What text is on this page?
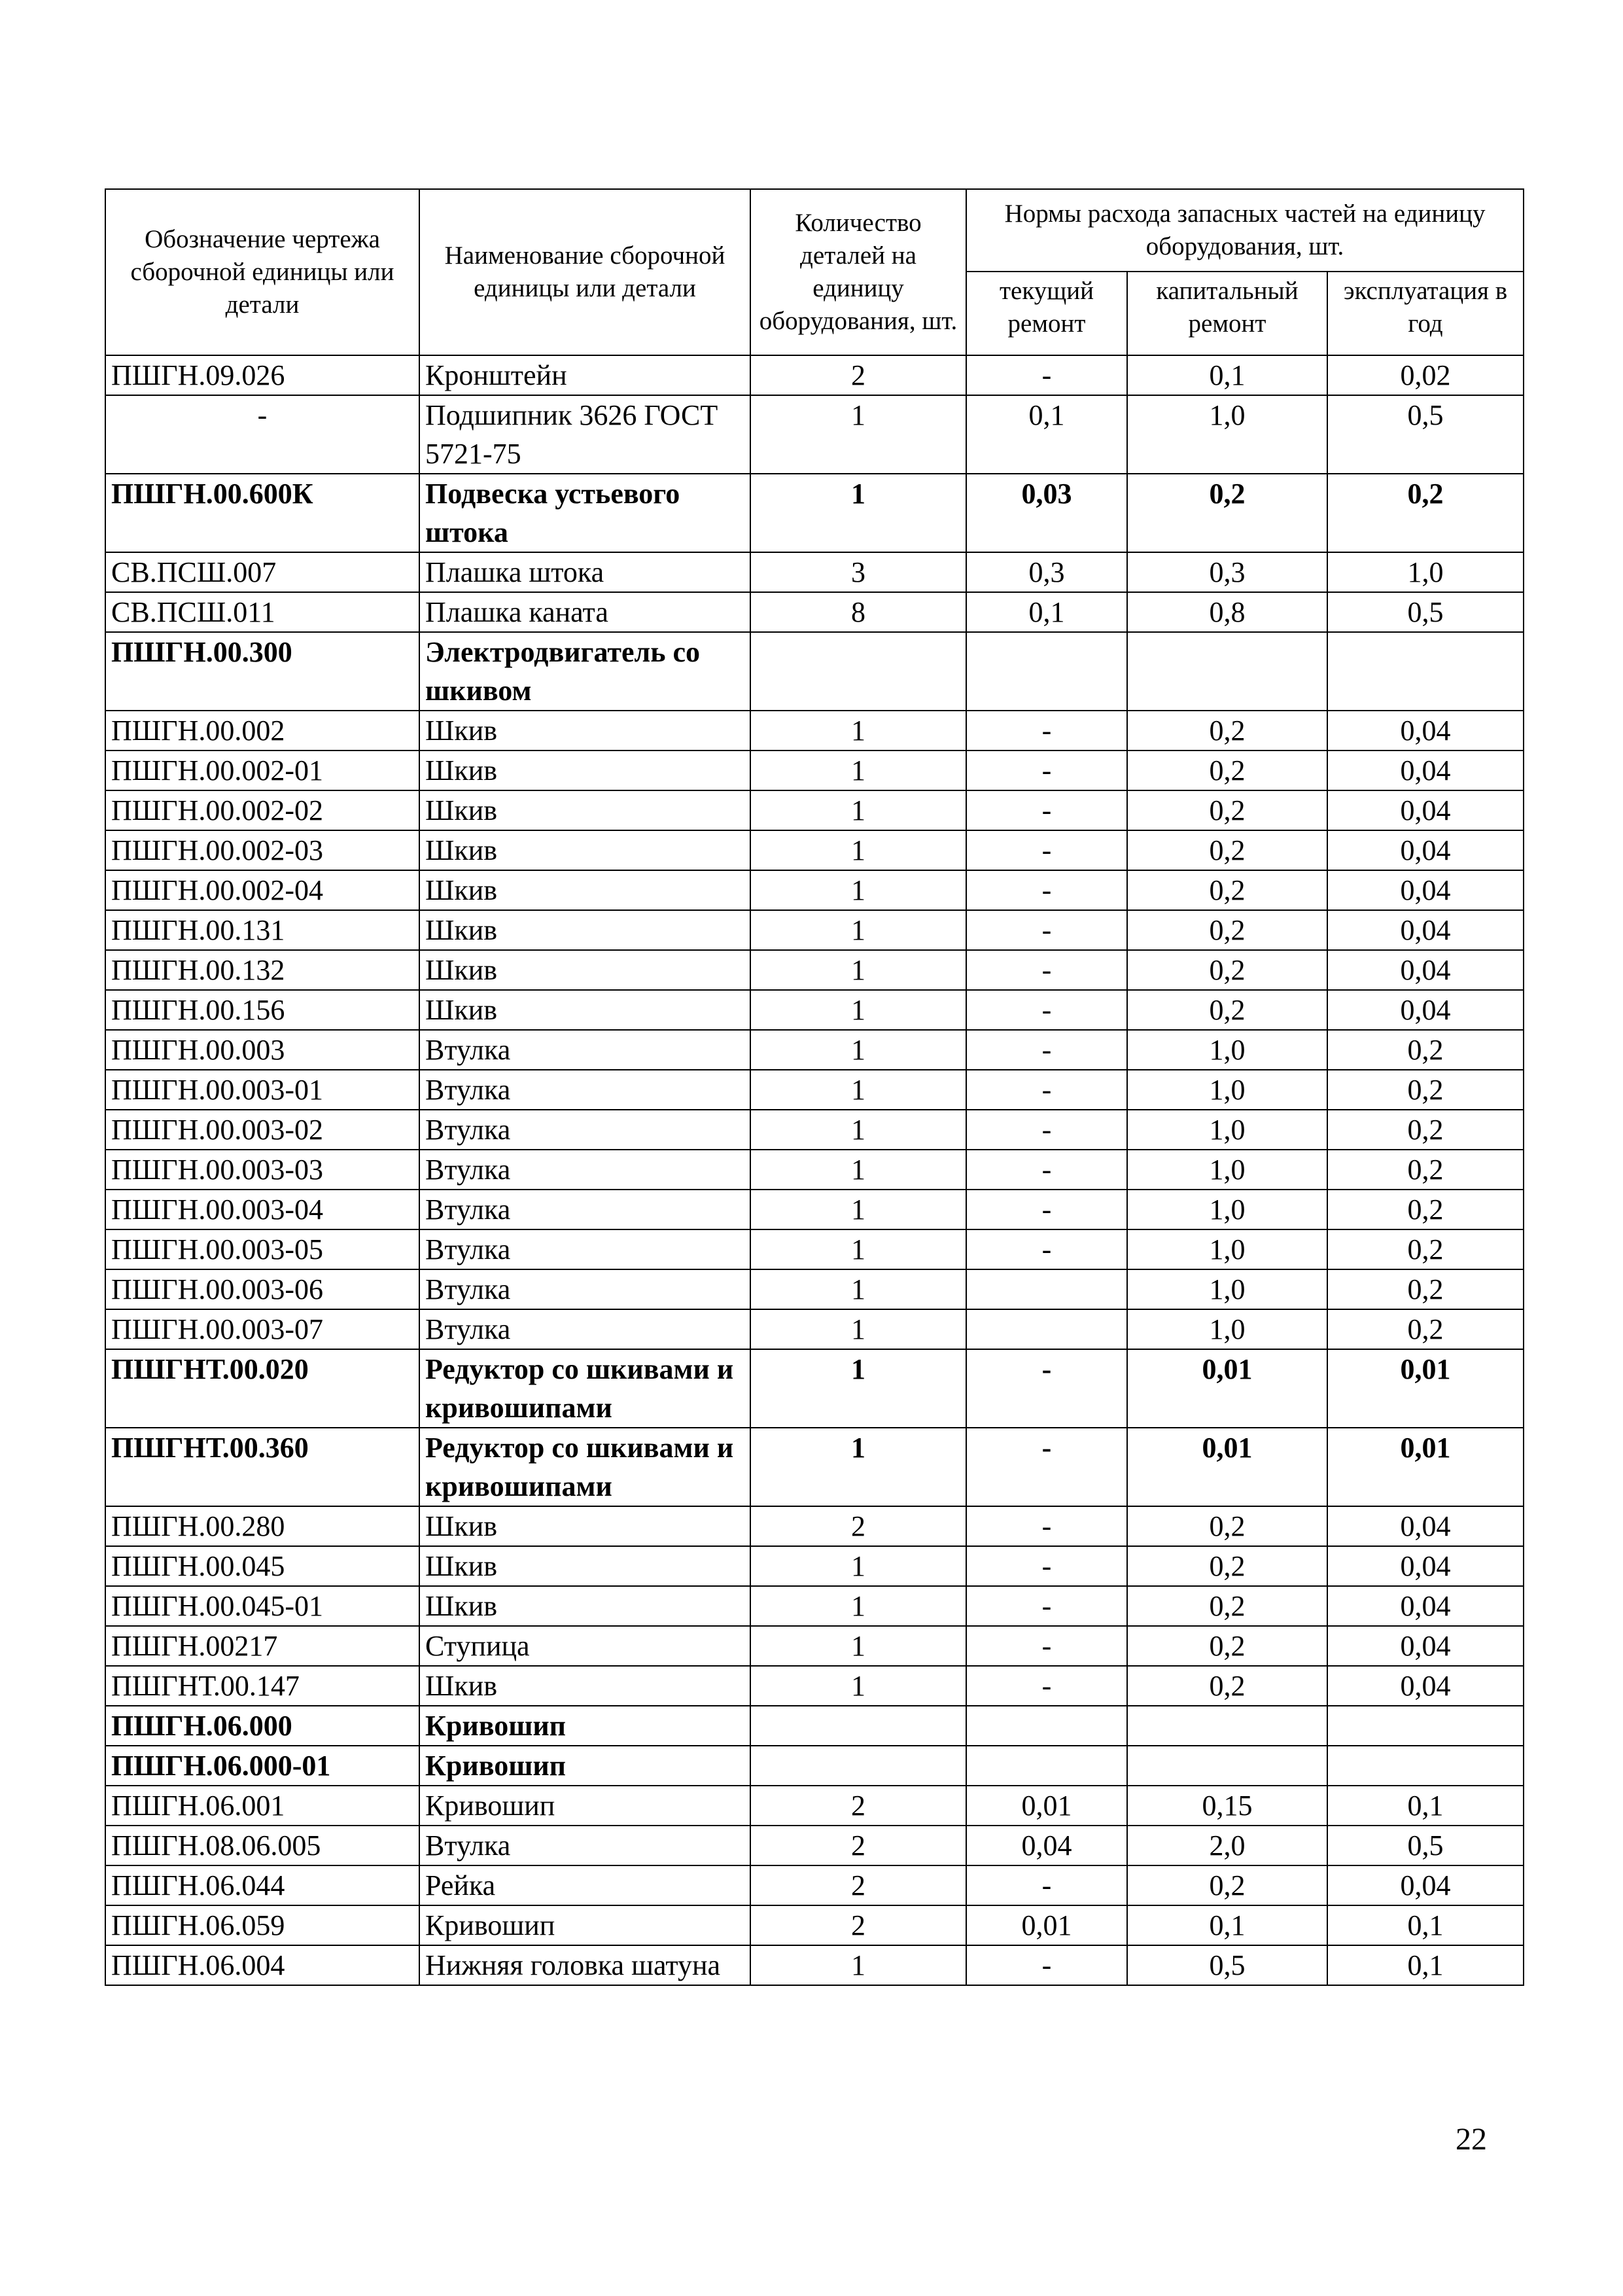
Обозначение чертежа сборочной единицы или детали	Наименование сборочной единицы или детали	Количество деталей на единицу оборудования, шт.	Нормы расхода запасных частей на единицу оборудования, шт.		
			текущий ремонт	капитальный ремонт	эксплуатация в год
ПШГН.09.026	Кронштейн	2	-	0,1	0,02
-	Подшипник 3626 ГОСТ 5721-75	1	0,1	1,0	0,5
ПШГН.00.600К	Подвеска устьевого штока	1	0,03	0,2	0,2
СВ.ПСШ.007	Плашка штока	3	0,3	0,3	1,0
СВ.ПСШ.011	Плашка каната	8	0,1	0,8	0,5
ПШГН.00.300	Электродвигатель со шкивом				
ПШГН.00.002	Шкив	1	-	0,2	0,04
ПШГН.00.002-01	Шкив	1	-	0,2	0,04
ПШГН.00.002-02	Шкив	1	-	0,2	0,04
ПШГН.00.002-03	Шкив	1	-	0,2	0,04
ПШГН.00.002-04	Шкив	1	-	0,2	0,04
ПШГН.00.131	Шкив	1	-	0,2	0,04
ПШГН.00.132	Шкив	1	-	0,2	0,04
ПШГН.00.156	Шкив	1	-	0,2	0,04
ПШГН.00.003	Втулка	1	-	1,0	0,2
ПШГН.00.003-01	Втулка	1	-	1,0	0,2
ПШГН.00.003-02	Втулка	1	-	1,0	0,2
ПШГН.00.003-03	Втулка	1	-	1,0	0,2
ПШГН.00.003-04	Втулка	1	-	1,0	0,2
ПШГН.00.003-05	Втулка	1	-	1,0	0,2
ПШГН.00.003-06	Втулка	1		1,0	0,2
ПШГН.00.003-07	Втулка	1		1,0	0,2
ПШГНТ.00.020	Редуктор со шкивами и кривошипами	1	-	0,01	0,01
ПШГНТ.00.360	Редуктор со шкивами и кривошипами	1	-	0,01	0,01
ПШГН.00.280	Шкив	2	-	0,2	0,04
ПШГН.00.045	Шкив	1	-	0,2	0,04
ПШГН.00.045-01	Шкив	1	-	0,2	0,04
ПШГН.00217	Ступица	1	-	0,2	0,04
ПШГНТ.00.147	Шкив	1	-	0,2	0,04
ПШГН.06.000	Кривошип				
ПШГН.06.000-01	Кривошип				
ПШГН.06.001	Кривошип	2	0,01	0,15	0,1
ПШГН.08.06.005	Втулка	2	0,04	2,0	0,5
ПШГН.06.044	Рейка	2	-	0,2	0,04
ПШГН.06.059	Кривошип	2	0,01	0,1	0,1
ПШГН.06.004	Нижняя головка шатуна	1	-	0,5	0,1
22
